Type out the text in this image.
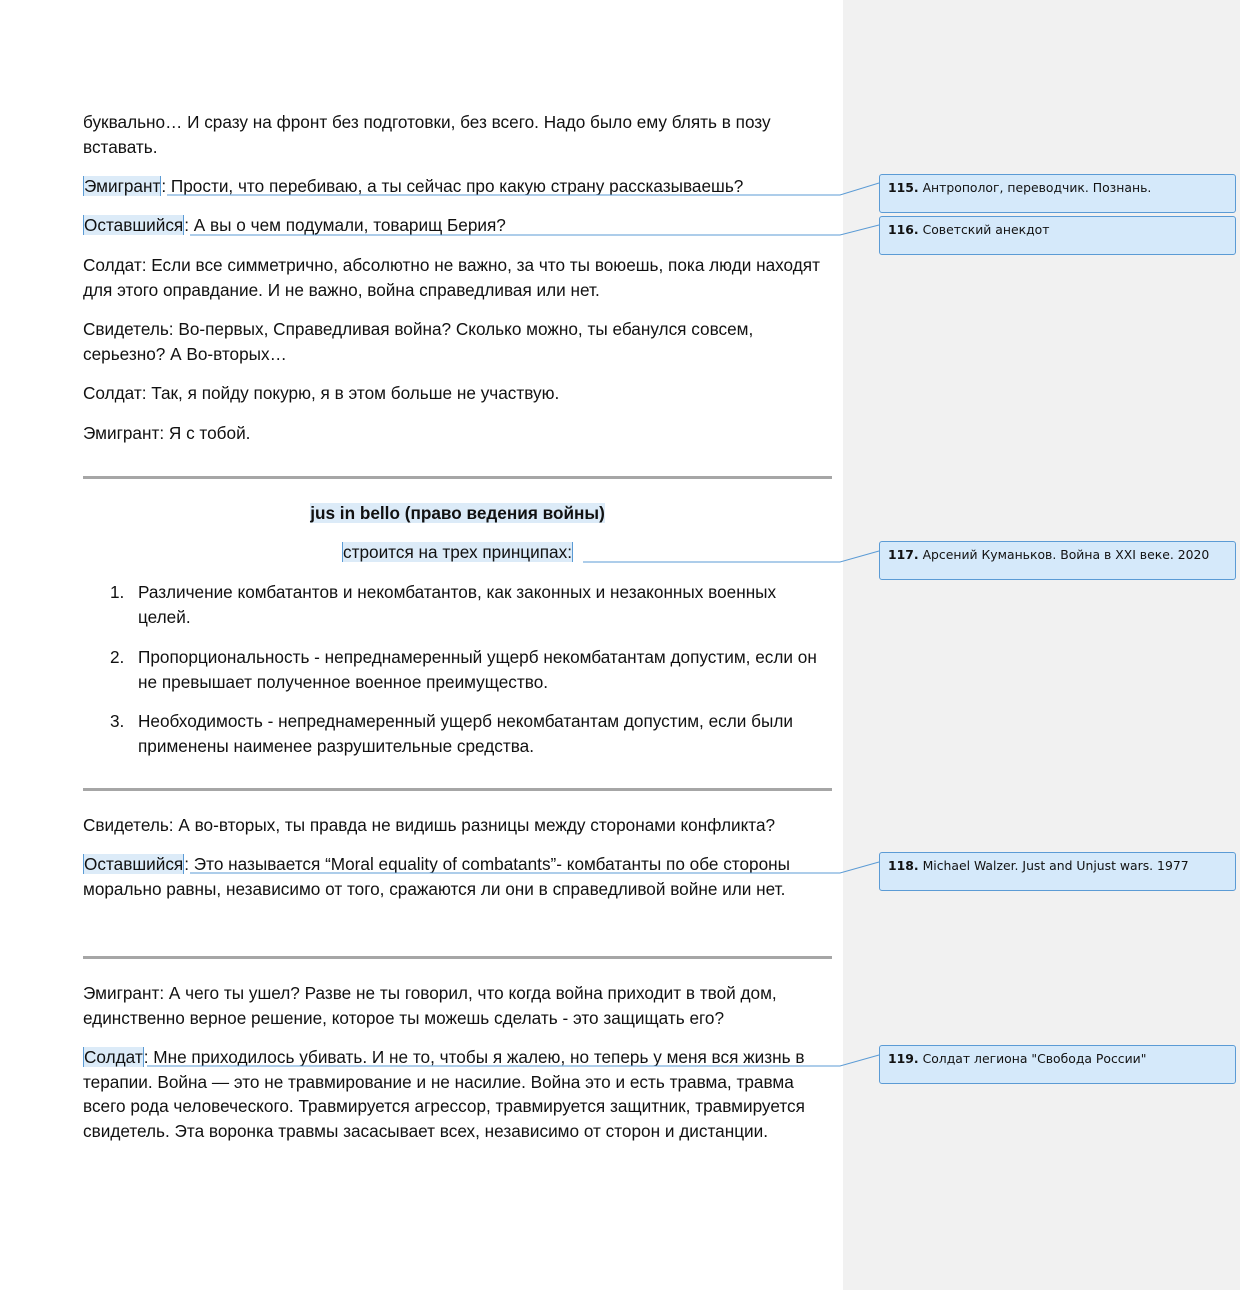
буквально… И сразу на фронт без подготовки, без всего. Надо было ему блять в позу вставать.

Эмигрант: Прости, что перебиваю, а ты сейчас про какую страну рассказываешь?

Оставшийся: А вы о чем подумали, товарищ Берия?

Солдат: Если все симметрично, абсолютно не важно, за что ты воюешь, пока люди находят для этого оправдание. И не важно, война справедливая или нет.

Свидетель: Во-первых, Справедливая война? Сколько можно, ты ебанулся совсем, серьезно? А Во-вторых…

Солдат: Так, я пойду покурю, я в этом больше не участвую.

Эмигрант: Я с тобой.

jus in bello (право ведения войны)

строится на трех принципах:

1. Различение комбатантов и некомбатантов, как законных и незаконных военных целей.
2. Пропорциональность - непреднамеренный ущерб некомбатантам допустим, если он не превышает полученное военное преимущество.
3. Необходимость - непреднамеренный ущерб некомбатантам допустим, если были применены наименее разрушительные средства.

Свидетель: А во-вторых, ты правда не видишь разницы между сторонами конфликта?

Оставшийся: Это называется “Moral equality of combatants”- комбатанты по обе стороны морально равны, независимо от того, сражаются ли они в справедливой войне или нет.

Эмигрант: А чего ты ушел? Разве не ты говорил, что когда война приходит в твой дом, единственно верное решение, которое ты можешь сделать - это защищать его?

Солдат: Мне приходилось убивать. И не то, чтобы я жалею, но теперь у меня вся жизнь в терапии. Война — это не травмирование и не насилие. Война это и есть травма, травма всего рода человеческого. Травмируется агрессор, травмируется защитник, травмируется свидетель. Эта воронка травмы засасывает всех, независимо от сторон и дистанции.

115. Антрополог, переводчик. Познань.
116. Советский анекдот
117. Арсений Куманьков. Война в XXI веке. 2020
118. Michael Walzer. Just and Unjust wars. 1977
119. Солдат легиона "Свобода России"
